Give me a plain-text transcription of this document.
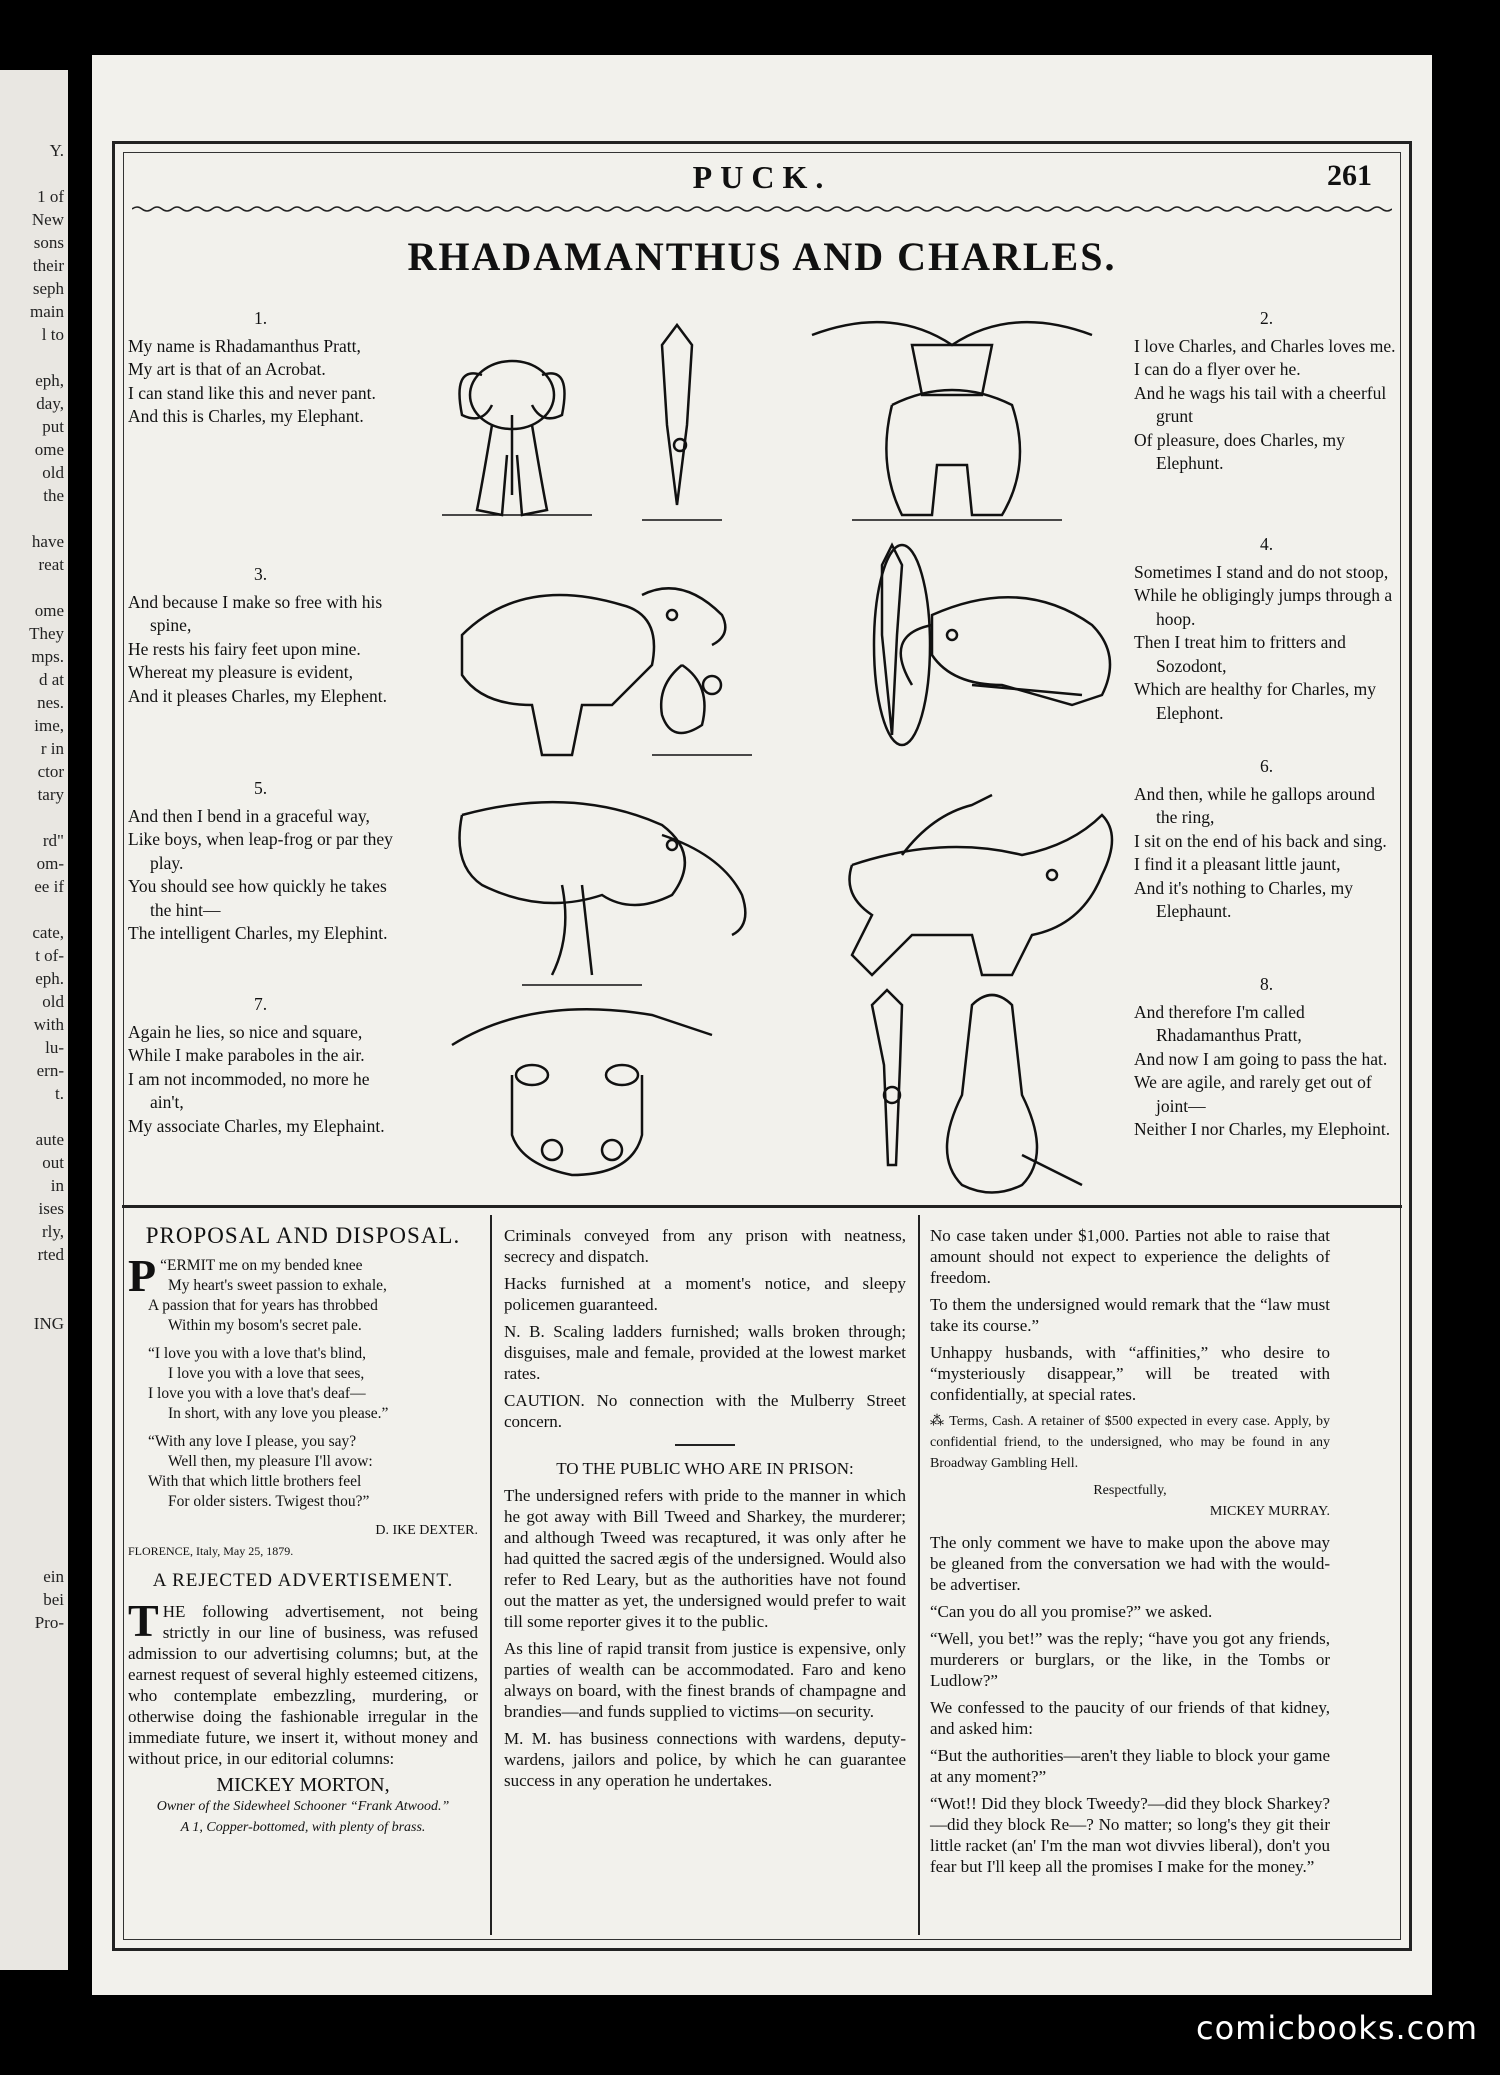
Y.
1 of
New
sons
their
seph
main
l to
eph,
day,
put
ome
old
the
have
reat
ome
They
mps.
d at
nes.
ime,
r in
ctor
tary
rd"
om-
ee if
cate,
t of-
eph.
old
with
lu-
ern-
t.
aute
out
in
ises
rly,
rted
ING
ein
bei
Pro-
PUCK.	261
RHADAMANTHUS AND CHARLES.
1.
My name is Rhadamanthus Pratt,
My art is that of an Acrobat.
I can stand like this and never pant.
And this is Charles, my Elephant.
2.
I love Charles, and Charles loves me.
I can do a flyer over he.
And he wags his tail with a cheerful grunt
Of pleasure, does Charles, my Elephunt.
3.
And because I make so free with his spine,
He rests his fairy feet upon mine.
Whereat my pleasure is evident,
And it pleases Charles, my Elephent.
4.
Sometimes I stand and do not stoop,
While he obligingly jumps through a hoop.
Then I treat him to fritters and Sozodont,
Which are healthy for Charles, my Elephont.
5.
And then I bend in a graceful way,
Like boys, when leap-frog or par they play.
You should see how quickly he takes the hint—
The intelligent Charles, my Elephint.
6.
And then, while he gallops around the ring,
I sit on the end of his back and sing.
I find it a pleasant little jaunt,
And it's nothing to Charles, my Elephaunt.
7.
Again he lies, so nice and square,
While I make paraboles in the air.
I am not incommoded, no more he ain't,
My associate Charles, my Elephaint.
8.
And therefore I'm called Rhadamanthus Pratt,
And now I am going to pass the hat.
We are agile, and rarely get out of joint—
Neither I nor Charles, my Elephoint.
PROPOSAL AND DISPOSAL.
P “ERMIT me on my bended knee
My heart's sweet passion to exhale,
A passion that for years has throbbed
Within my bosom's secret pale.
“I love you with a love that's blind,
I love you with a love that sees,
I love you with a love that's deaf—
In short, with any love you please.”
“With any love I please, you say?
Well then, my pleasure I'll avow:
With that which little brothers feel
For older sisters. Twigest thou?”
D. IKE DEXTER.
FLORENCE, Italy, May 25, 1879.
A REJECTED ADVERTISEMENT.

THE following advertisement, not being strictly in our line of business, was refused admission to our advertising columns; but, at the earnest request of several highly esteemed citizens, who contemplate embezzling, murdering, or otherwise doing the fashionable irregular in the immediate future, we insert it, without money and without price, in our editorial columns:

MICKEY MORTON,
Owner of the Sidewheel Schooner “Frank Atwood.”
A 1, Copper-bottomed, with plenty of brass.

Criminals conveyed from any prison with neatness, secrecy and dispatch.

Hacks furnished at a moment's notice, and sleepy policemen guaranteed.

N. B. Scaling ladders furnished; walls broken through; disguises, male and female, provided at the lowest market rates.

CAUTION. No connection with the Mulberry Street concern.

TO THE PUBLIC WHO ARE IN PRISON:

The undersigned refers with pride to the manner in which he got away with Bill Tweed and Sharkey, the murderer; and although Tweed was recaptured, it was only after he had quitted the sacred ægis of the undersigned. Would also refer to Red Leary, but as the authorities have not found out the matter as yet, the undersigned would prefer to wait till some reporter gives it to the public.

As this line of rapid transit from justice is expensive, only parties of wealth can be accommodated. Faro and keno always on board, with the finest brands of champagne and brandies—and funds supplied to victims—on security.

M. M. has business connections with wardens, deputy-wardens, jailors and police, by which he can guarantee success in any operation he undertakes.

No case taken under $1,000. Parties not able to raise that amount should not expect to experience the delights of freedom.

To them the undersigned would remark that the “law must take its course.”

Unhappy husbands, with “affinities,” who desire to “mysteriously disappear,” will be treated with confidentially, at special rates.

⁂ Terms, Cash. A retainer of $500 expected in every case. Apply, by confidential friend, to the undersigned, who may be found in any Broadway Gambling Hell.

Respectfully,
MICKEY MURRAY.

The only comment we have to make upon the above may be gleaned from the conversation we had with the would-be advertiser.

“Can you do all you promise?” we asked.

“Well, you bet!” was the reply; “have you got any friends, murderers or burglars, or the like, in the Tombs or Ludlow?”

We confessed to the paucity of our friends of that kidney, and asked him:

“But the authorities—aren't they liable to block your game at any moment?”

“Wot!! Did they block Tweedy?—did they block Sharkey?—did they block Re—? No matter; so long's they git their little racket (an' I'm the man wot divvies liberal), don't you fear but I'll keep all the promises I make for the money.”

comicbooks.com
